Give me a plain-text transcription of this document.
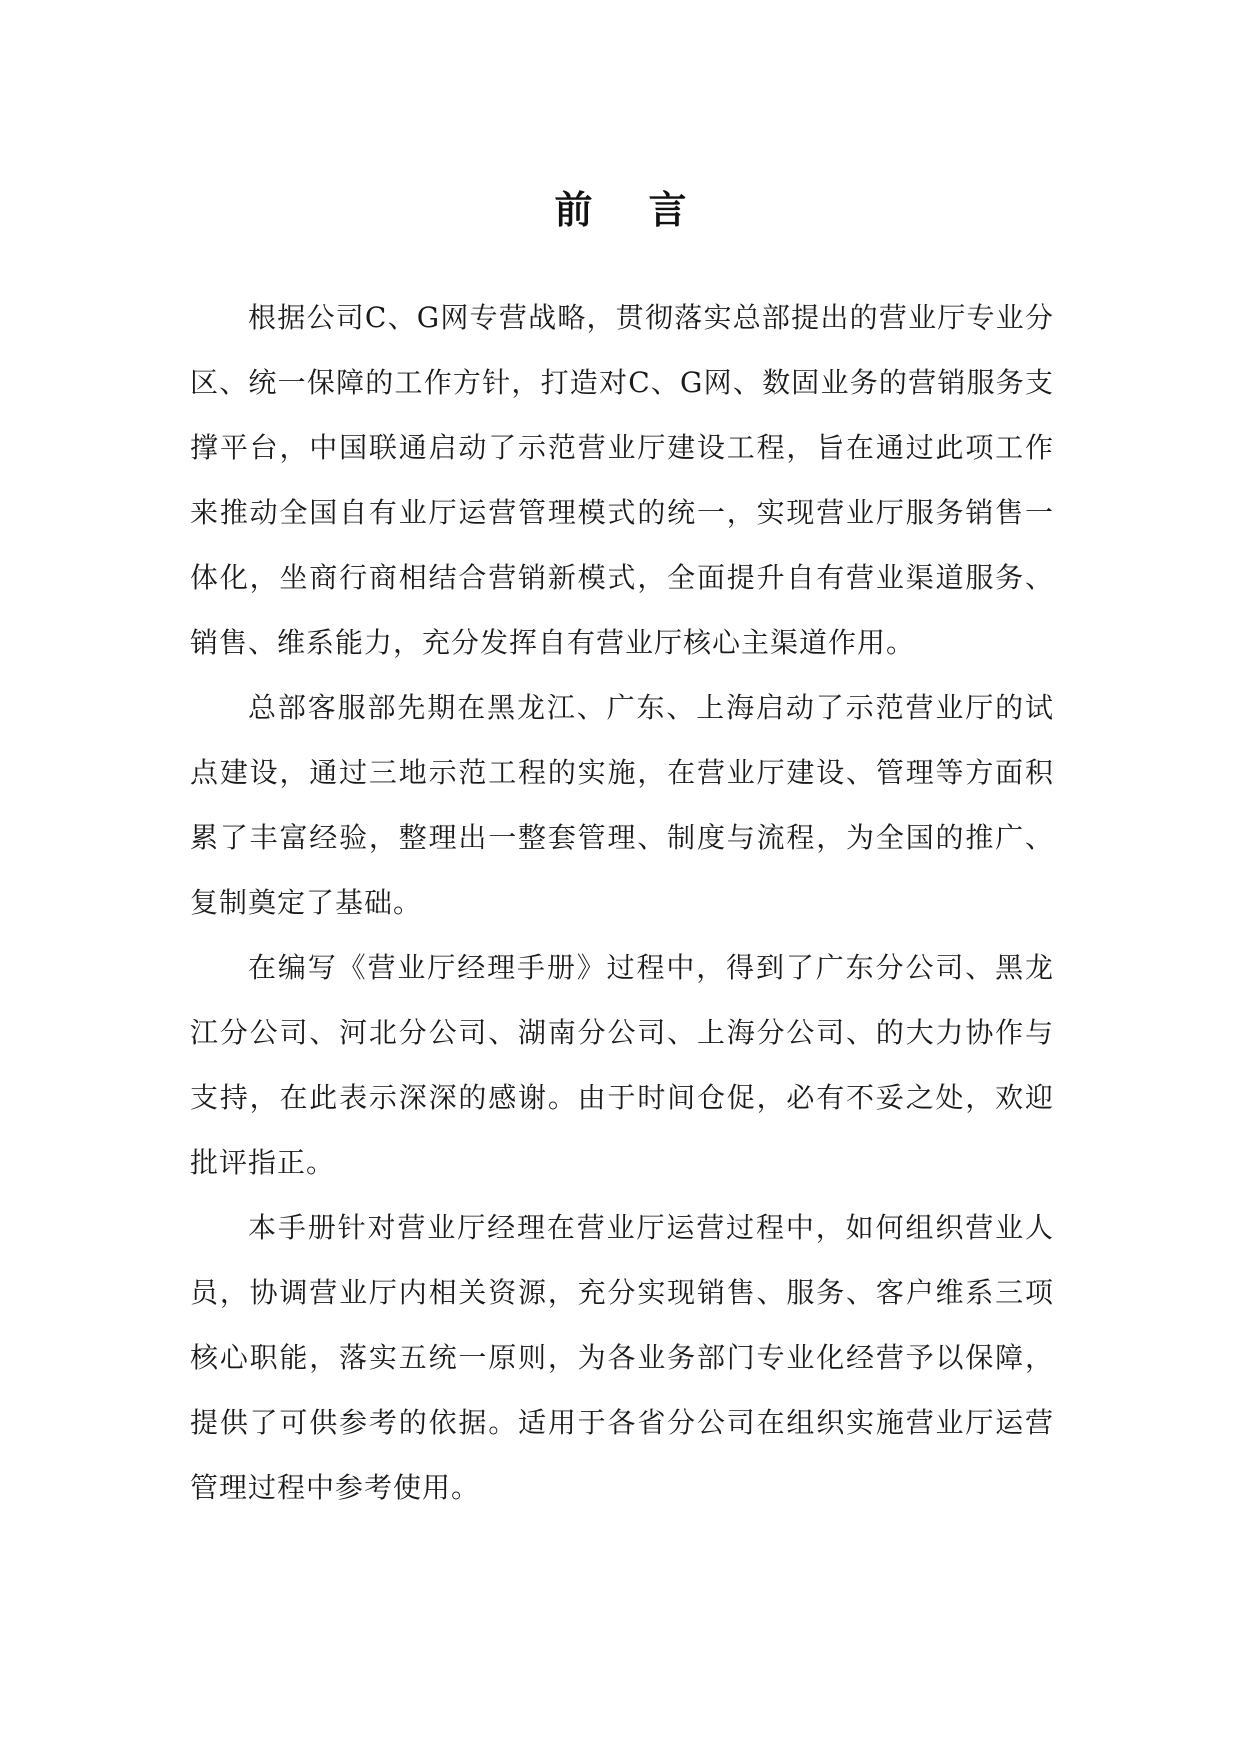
前言

根据公司C、G网专营战略，贯彻落实总部提出的营业厅专业分区、统一保障的工作方针，打造对C、G网、数固业务的营销服务支撑平台，中国联通启动了示范营业厅建设工程，旨在通过此项工作来推动全国自有业厅运营管理模式的统一，实现营业厅服务销售一体化，坐商行商相结合营销新模式，全面提升自有营业渠道服务、销售、维系能力，充分发挥自有营业厅核心主渠道作用。

总部客服部先期在黑龙江、广东、上海启动了示范营业厅的试点建设，通过三地示范工程的实施，在营业厅建设、管理等方面积累了丰富经验，整理出一整套管理、制度与流程，为全国的推广、复制奠定了基础。

在编写《营业厅经理手册》过程中，得到了广东分公司、黑龙江分公司、河北分公司、湖南分公司、上海分公司、的大力协作与支持，在此表示深深的感谢。由于时间仓促，必有不妥之处，欢迎批评指正。

本手册针对营业厅经理在营业厅运营过程中，如何组织营业人员，协调营业厅内相关资源，充分实现销售、服务、客户维系三项核心职能，落实五统一原则，为各业务部门专业化经营予以保障，提供了可供参考的依据。适用于各省分公司在组织实施营业厅运营管理过程中参考使用。
